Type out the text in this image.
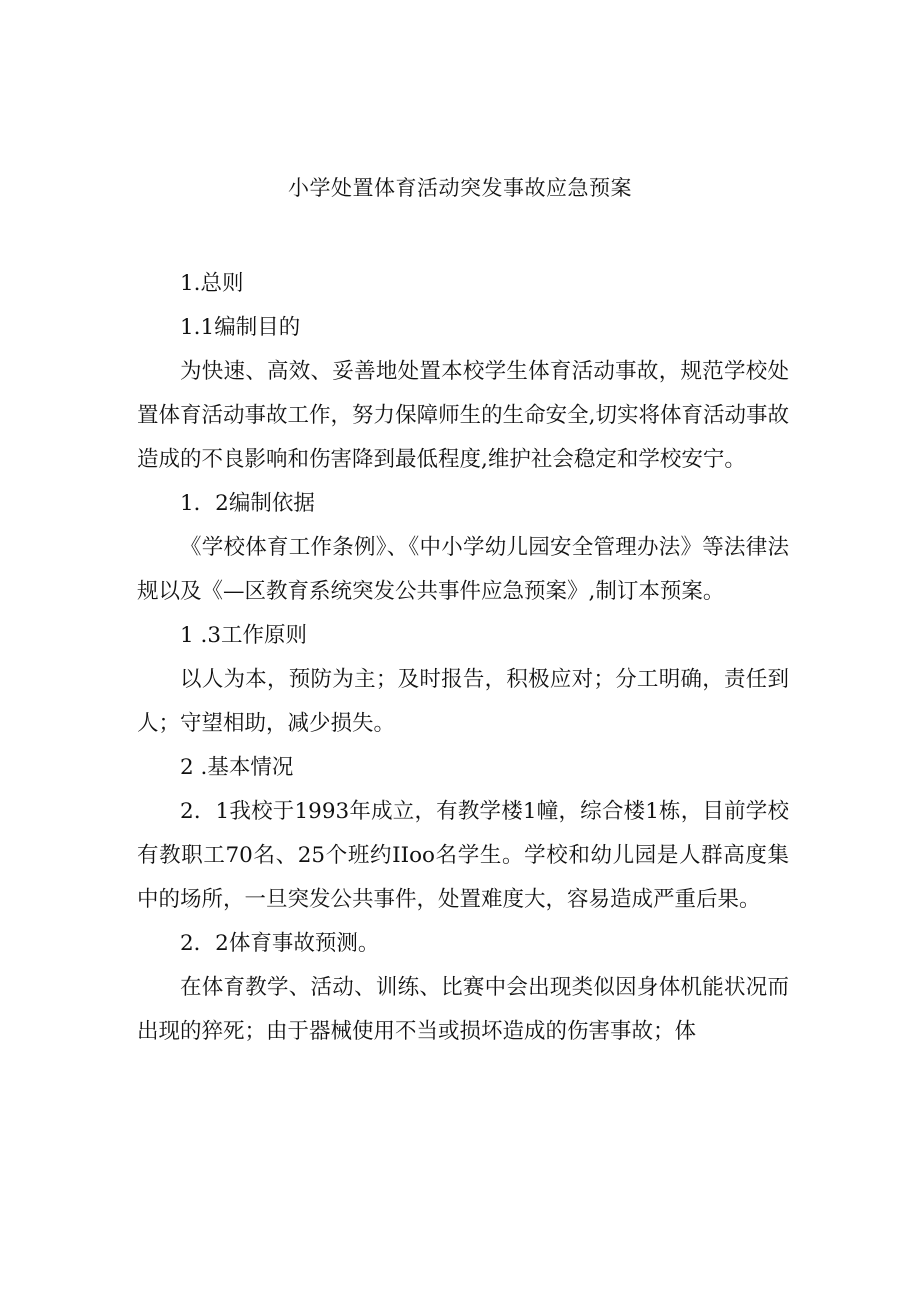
小学处置体育活动突发事故应急预案

1.总则

1.1编制目的

为快速、高效、妥善地处置本校学生体育活动事故，规范学校处置体育活动事故工作，努力保障师生的生命安全,切实将体育活动事故造成的不良影响和伤害降到最低程度,维护社会稳定和学校安宁。

1．2编制依据

《学校体育工作条例》、《中小学幼儿园安全管理办法》等法律法规以及《—区教育系统突发公共事件应急预案》,制订本预案。

1 .3工作原则

以人为本，预防为主；及时报告，积极应对；分工明确，责任到人；守望相助，减少损失。

2 .基本情况

2．1我校于1993年成立，有教学楼1幢，综合楼1栋，目前学校有教职工70名、25个班约IIoo名学生。学校和幼儿园是人群高度集中的场所，一旦突发公共事件，处置难度大，容易造成严重后果。

2．2体育事故预测。

在体育教学、活动、训练、比赛中会出现类似因身体机能状况而出现的猝死；由于器械使用不当或损坏造成的伤害事故；体
